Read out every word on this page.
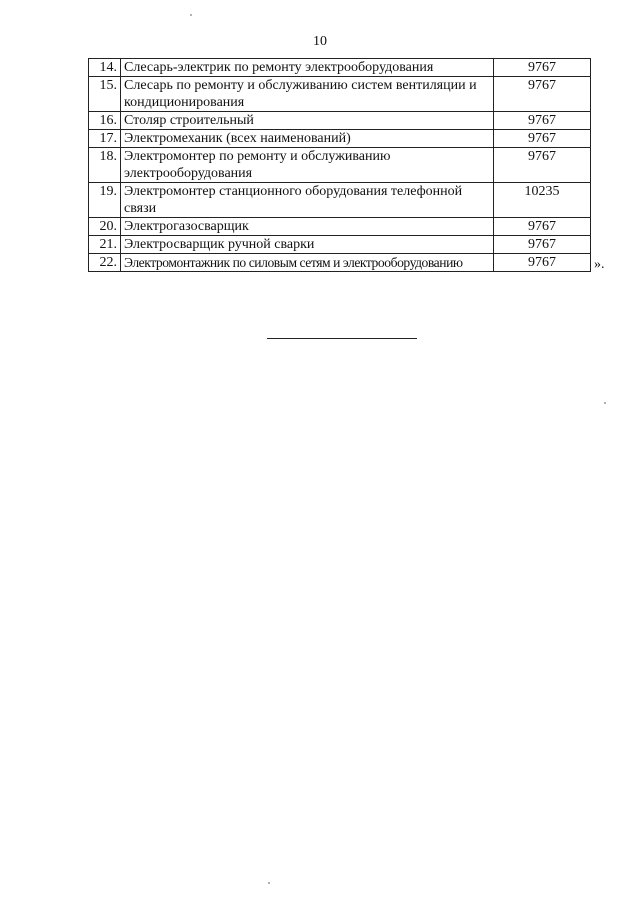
10
14.	Слесарь-электрик по ремонту электрооборудования	9767
15.	Слесарь по ремонту и обслуживанию систем вентиляции и кондиционирования	9767
16.	Столяр строительный	9767
17.	Электромеханик (всех наименований)	9767
18.	Электромонтер по ремонту и обслуживанию электрооборудования	9767
19.	Электромонтер станционного оборудования телефонной связи	10235
20.	Электрогазосварщик	9767
21.	Электросварщик ручной сварки	9767
22.	Электромонтажник по силовым сетям и электрооборудованию	9767	».
